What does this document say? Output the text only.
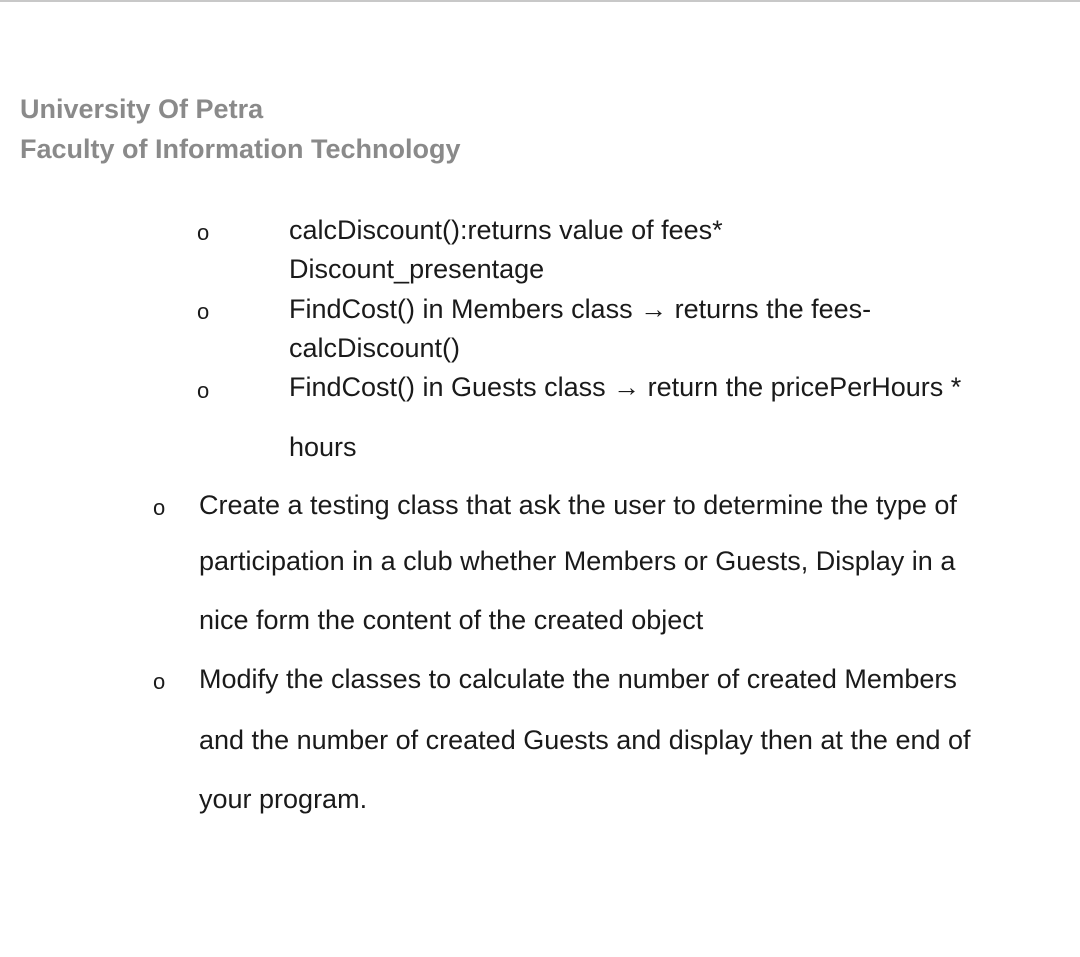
University Of Petra
Faculty of Information Technology
o	calcDiscount():returns value of fees*
Discount_presentage
o	FindCost() in Members class → returns the fees-
calcDiscount()
o	FindCost() in Guests class → return the pricePerHours *
hours
o Create a testing class that ask the user to determine the type of
participation in a club whether Members or Guests, Display in a
nice form the content of the created object
o Modify the classes to calculate the number of created Members
and the number of created Guests and display then at the end of
your program.
